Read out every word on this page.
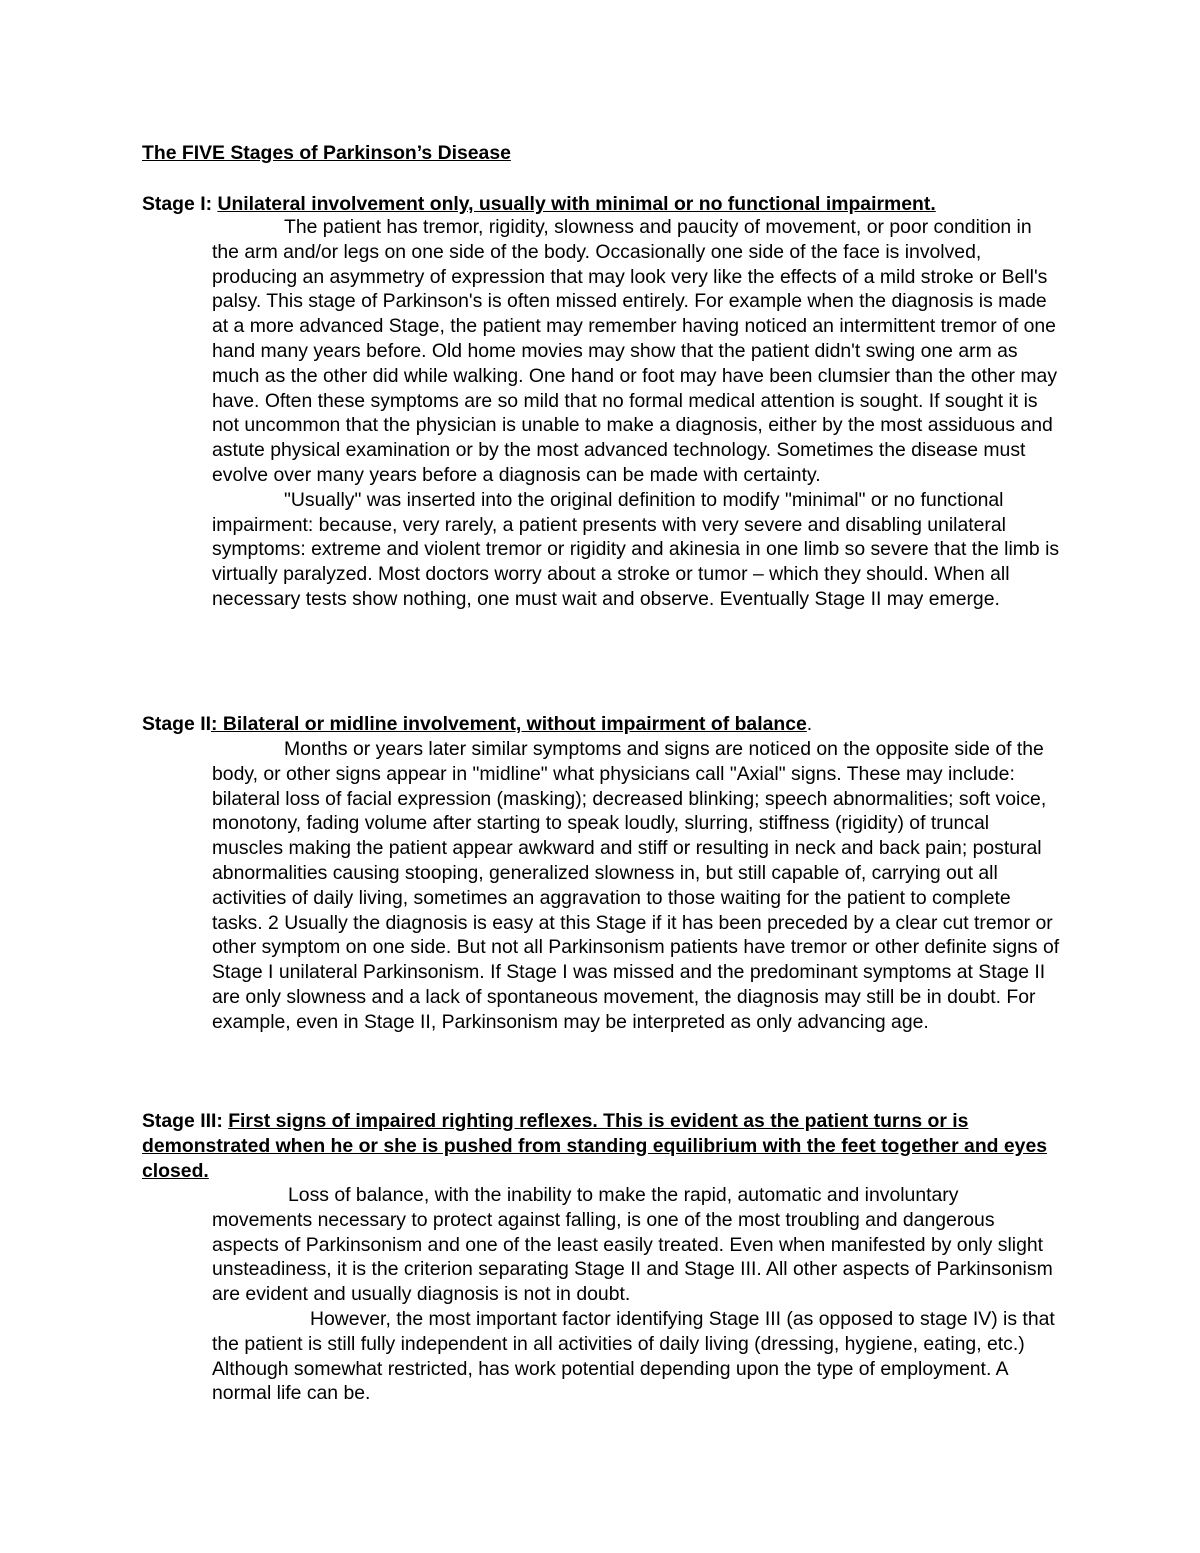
The FIVE Stages of Parkinson’s Disease
Stage I: Unilateral involvement only, usually with minimal or no functional impairment.

The patient has tremor, rigidity, slowness and paucity of movement, or poor condition in the arm and/or legs on one side of the body. Occasionally one side of the face is involved, producing an asymmetry of expression that may look very like the effects of a mild stroke or Bell's palsy. This stage of Parkinson's is often missed entirely. For example when the diagnosis is made at a more advanced Stage, the patient may remember having noticed an intermittent tremor of one hand many years before. Old home movies may show that the patient didn't swing one arm as much as the other did while walking. One hand or foot may have been clumsier than the other may have. Often these symptoms are so mild that no formal medical attention is sought. If sought it is not uncommon that the physician is unable to make a diagnosis, either by the most assiduous and astute physical examination or by the most advanced technology. Sometimes the disease must evolve over many years before a diagnosis can be made with certainty.

"Usually" was inserted into the original definition to modify "minimal" or no functional impairment: because, very rarely, a patient presents with very severe and disabling unilateral symptoms: extreme and violent tremor or rigidity and akinesia in one limb so severe that the limb is virtually paralyzed. Most doctors worry about a stroke or tumor – which they should. When all necessary tests show nothing, one must wait and observe. Eventually Stage II may emerge.

Stage II: Bilateral or midline involvement, without impairment of balance.

Months or years later similar symptoms and signs are noticed on the opposite side of the body, or other signs appear in "midline" what physicians call "Axial" signs. These may include: bilateral loss of facial expression (masking); decreased blinking; speech abnormalities; soft voice, monotony, fading volume after starting to speak loudly, slurring, stiffness (rigidity) of truncal muscles making the patient appear awkward and stiff or resulting in neck and back pain; postural abnormalities causing stooping, generalized slowness in, but still capable of, carrying out all activities of daily living, sometimes an aggravation to those waiting for the patient to complete tasks. 2 Usually the diagnosis is easy at this Stage if it has been preceded by a clear cut tremor or other symptom on one side. But not all Parkinsonism patients have tremor or other definite signs of Stage I unilateral Parkinsonism. If Stage I was missed and the predominant symptoms at Stage II are only slowness and a lack of spontaneous movement, the diagnosis may still be in doubt. For example, even in Stage II, Parkinsonism may be interpreted as only advancing age.

Stage III: First signs of impaired righting reflexes. This is evident as the patient turns or is demonstrated when he or she is pushed from standing equilibrium with the feet together and eyes closed.

Loss of balance, with the inability to make the rapid, automatic and involuntary movements necessary to protect against falling, is one of the most troubling and dangerous aspects of Parkinsonism and one of the least easily treated. Even when manifested by only slight unsteadiness, it is the criterion separating Stage II and Stage III. All other aspects of Parkinsonism are evident and usually diagnosis is not in doubt.

However, the most important factor identifying Stage III (as opposed to stage IV) is that the patient is still fully independent in all activities of daily living (dressing, hygiene, eating, etc.) Although somewhat restricted, has work potential depending upon the type of employment. A normal life can be.
